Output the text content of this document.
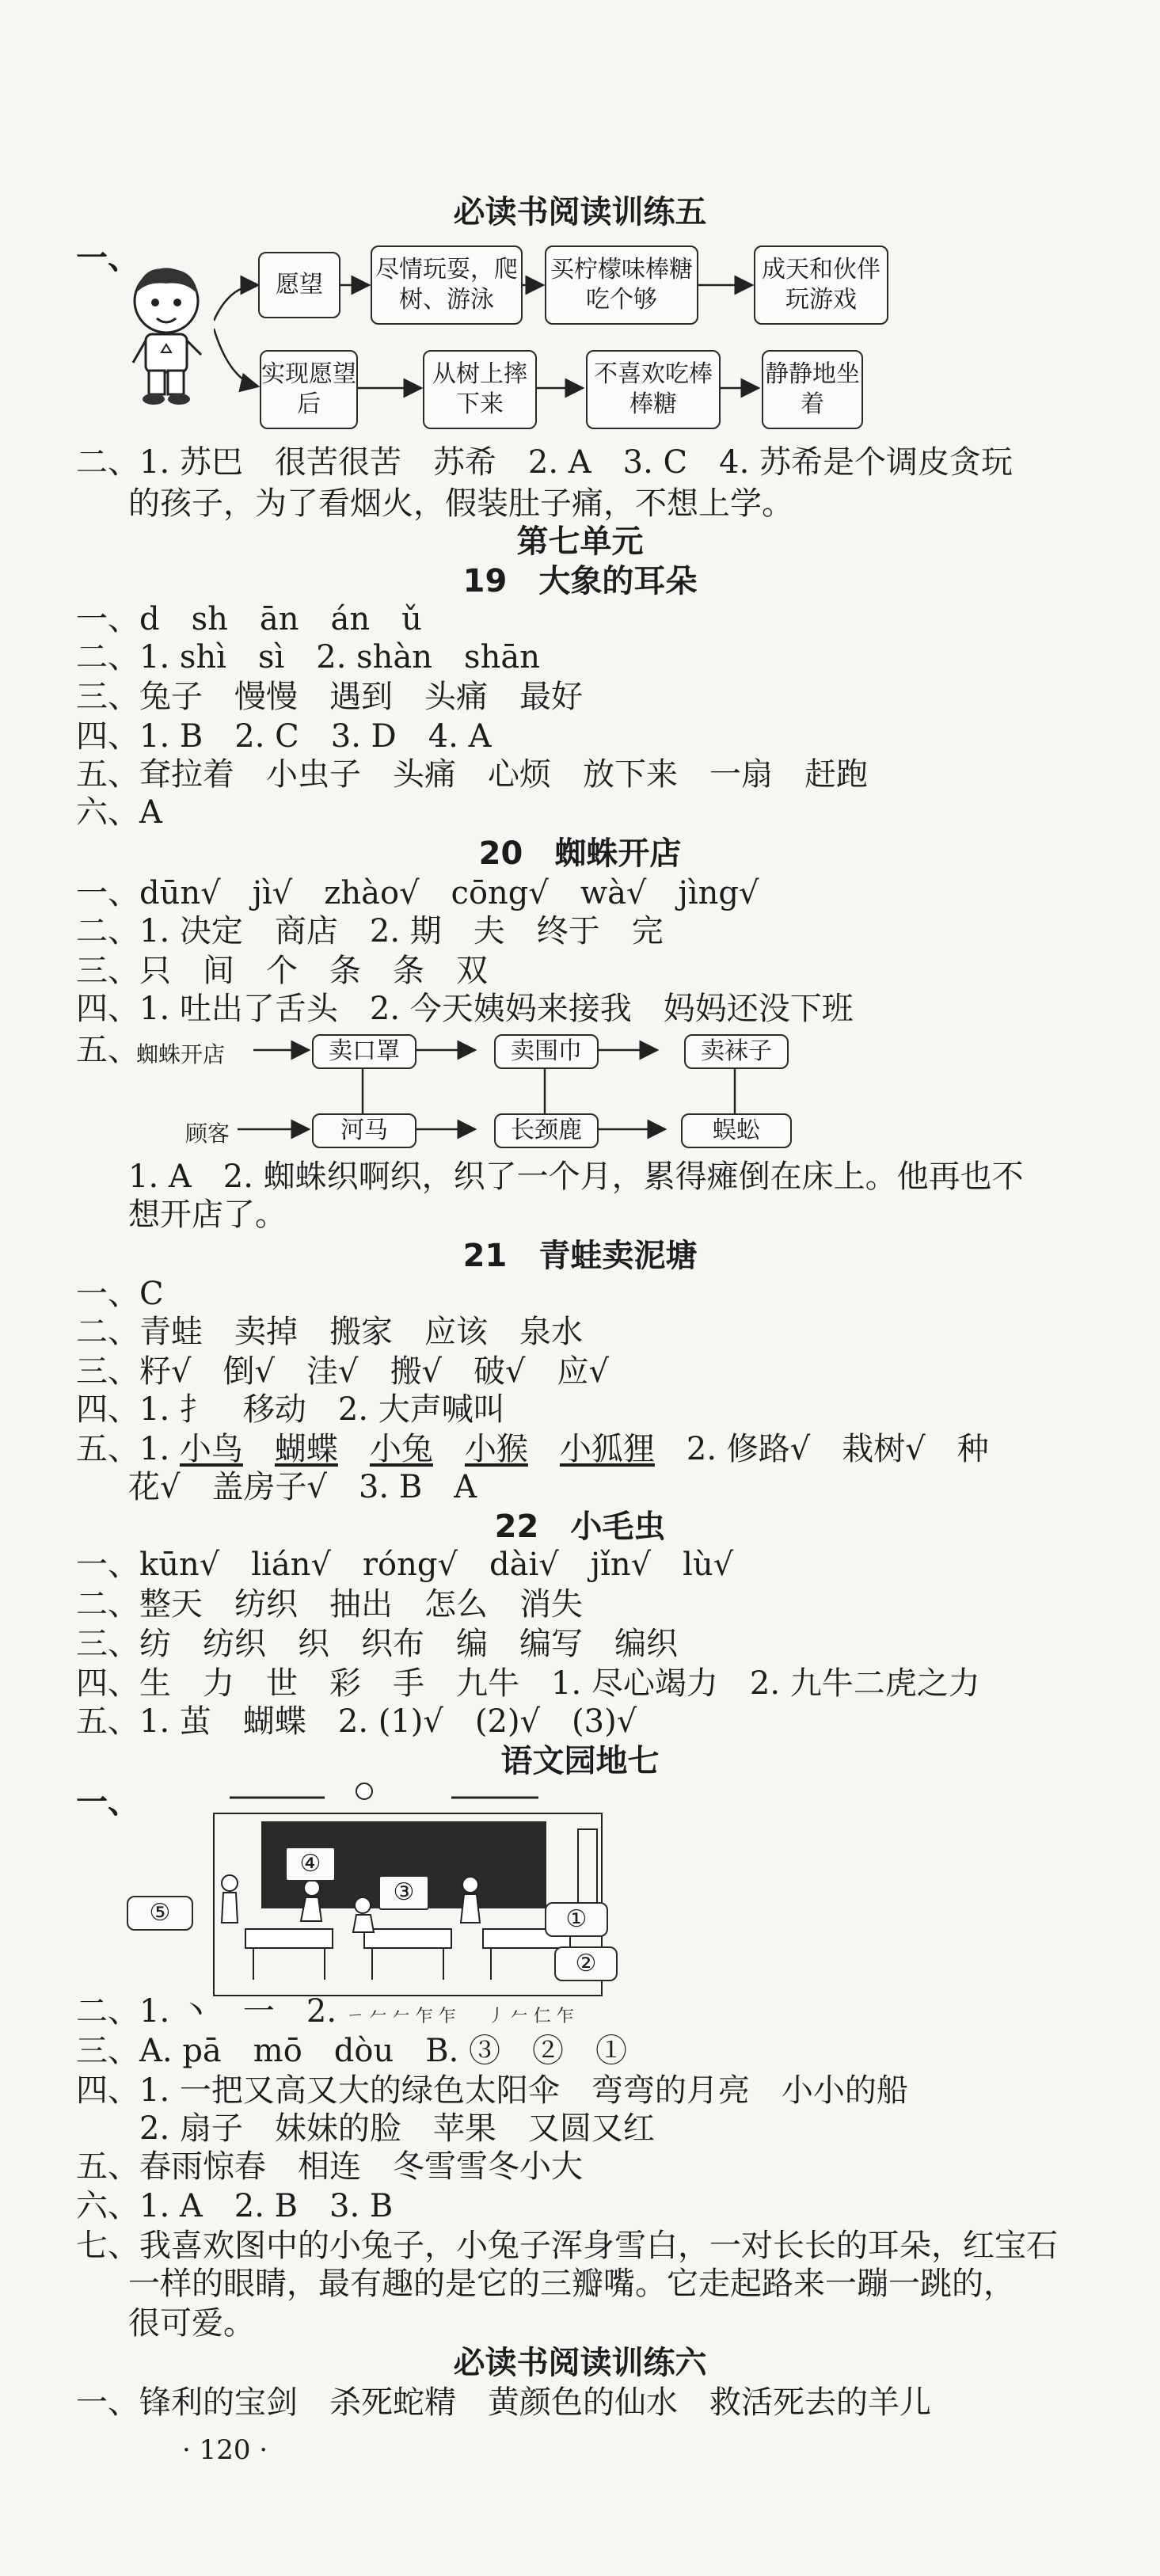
必读书阅读训练五
一、
愿望
尽情玩耍，爬树、游泳
买柠檬味棒糖吃个够
成天和伙伴玩游戏
实现愿望后
从树上摔下来
不喜欢吃棒棒糖
静静地坐着
二、1. 苏巴　很苦很苦　苏希　2. A　3. C　4. 苏希是个调皮贪玩
的孩子，为了看烟火，假装肚子痛，不想上学。
第七单元
19　大象的耳朵
一、d　sh　ān　án　ǔ
二、1. shì　sì　2. shàn　shān
三、兔子　慢慢　遇到　头痛　最好
四、1. B　2. C　3. D　4. A
五、耷拉着　小虫子　头痛　心烦　放下来　一扇　赶跑
六、A
20　蜘蛛开店
一、dūn√　jì√　zhào√　cōng√　wà√　jìng√
二、1. 决定　商店　2. 期　夫　终于　完
三、只　间　个　条　条　双
四、1. 吐出了舌头　2. 今天姨妈来接我　妈妈还没下班
五、
蜘蛛开店	卖口罩	卖围巾	卖袜子
顾客	河马	长颈鹿	蜈蚣
1. A　2. 蜘蛛织啊织，织了一个月，累得瘫倒在床上。他再也不
想开店了。
21　青蛙卖泥塘
一、C
二、青蛙　卖掉　搬家　应该　泉水
三、籽√　倒√　洼√　搬√　破√　应√
四、1. 扌　移动　2. 大声喊叫
五、1. 小鸟　 蝴蝶　 小兔　 小猴　 小狐狸　 2. 修路√　栽树√　种
花√　盖房子√　3. B　A
22　小毛虫
一、kūn√　lián√　róng√　dài√　jǐn√　lù√
二、整天　纺织　抽出　怎么　消失
三、纺　纺织　织　织布　编　编写　编织
四、生　力　世　彩　手　九牛　1. 尽心竭力　2. 九牛二虎之力
五、1. 茧　蝴蝶　2. (1)√　(2)√　(3)√
语文园地七
一、
④
③
⑤	①
②
二、1. 丶　一　2. ㄧ 𠂉 𠂉 乍 乍　 丿 𠂉 仁 乍
三、A. pā　mō　dòu　B. ③　②　①
四、1. 一把又高又大的绿色太阳伞　弯弯的月亮　小小的船
　　2. 扇子　妹妹的脸　苹果　又圆又红
五、春雨惊春　相连　冬雪雪冬小大
六、1. A　2. B　3. B
七、我喜欢图中的小兔子，小兔子浑身雪白，一对长长的耳朵，红宝石
一样的眼睛，最有趣的是它的三瓣嘴。它走起路来一蹦一跳的，
很可爱。
必读书阅读训练六
一、锋利的宝剑　杀死蛇精　黄颜色的仙水　救活死去的羊儿
· 120 ·
